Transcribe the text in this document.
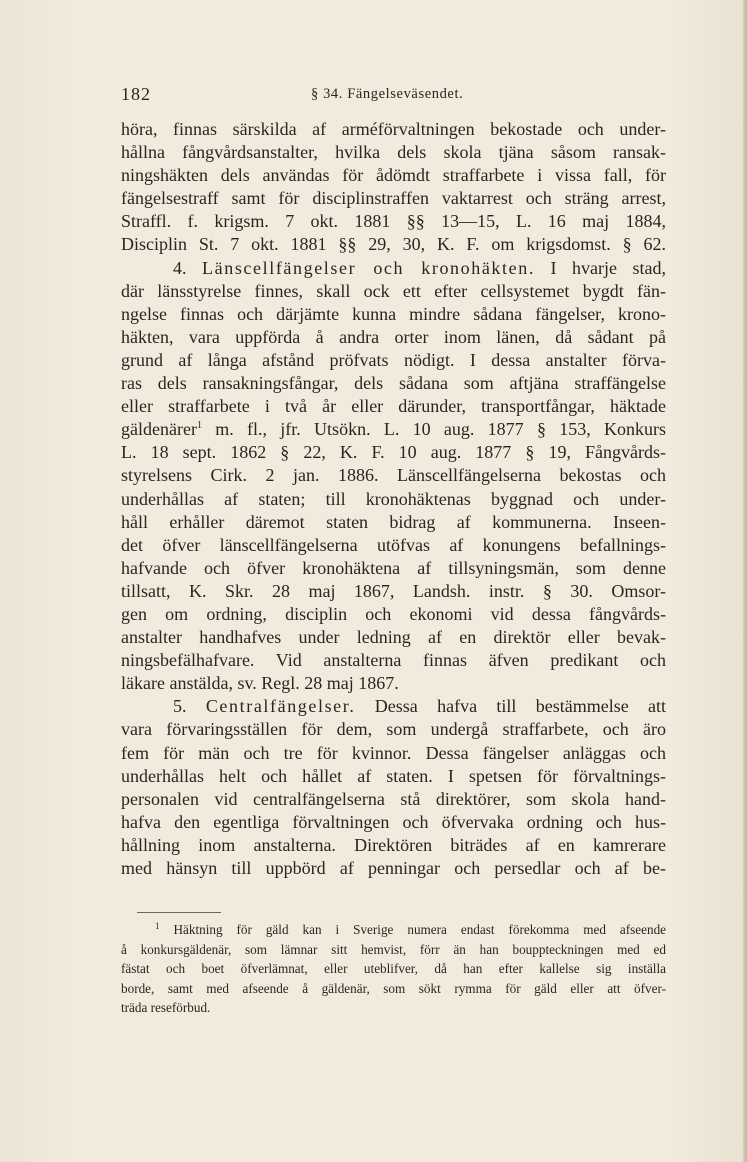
182	§ 34. Fängelseväsendet.
höra, finnas särskilda af arméförvaltningen bekostade och under-
hållna fångvårdsanstalter, hvilka dels skola tjäna såsom ransak-
ningshäkten dels användas för ådömdt straffarbete i vissa fall, för
fängelsestraff samt för disciplinstraffen vaktarrest och sträng arrest,
Straffl. f. krigsm. 7 okt. 1881 §§ 13—15, L. 16 maj 1884,
Disciplin St. 7 okt. 1881 §§ 29, 30, K. F. om krigsdomst. § 62.
4. Länscellfängelser och kronohäkten. I hvarje stad,
där länsstyrelse finnes, skall ock ett efter cellsystemet bygdt fän-
ngelse finnas och därjämte kunna mindre sådana fängelser, krono-
häkten, vara uppförda å andra orter inom länen, då sådant på
grund af långa afstånd pröfvats nödigt. I dessa anstalter förva-
ras dels ransakningsfångar, dels sådana som aftjäna straffängelse
eller straffarbete i två år eller därunder, transportfångar, häktade
gäldenärer$^1$ m. fl., jfr. Utsökn. L. 10 aug. 1877 § 153, Konkurs
L. 18 sept. 1862 § 22, K. F. 10 aug. 1877 § 19, Fångvårds-
styrelsens Cirk. 2 jan. 1886. Länscellfängelserna bekostas och
underhållas af staten; till kronohäktenas byggnad och under-
håll erhåller däremot staten bidrag af kommunerna. Inseen-
det öfver länscellfängelserna utöfvas af konungens befallnings-
hafvande och öfver kronohäktena af tillsyningsmän, som denne
tillsatt, K. Skr. 28 maj 1867, Landsh. instr. § 30. Omsor-
gen om ordning, disciplin och ekonomi vid dessa fångvårds-
anstalter handhafves under ledning af en direktör eller bevak-
ningsbefälhafvare. Vid anstalterna finnas äfven predikant och
läkare anstälda, sv. Regl. 28 maj 1867.
5. Centralfängelser. Dessa hafva till bestämmelse att
vara förvaringsställen för dem, som undergå straffarbete, och äro
fem för män och tre för kvinnor. Dessa fängelser anläggas och
underhållas helt och hållet af staten. I spetsen för förvaltnings-
personalen vid centralfängelserna stå direktörer, som skola hand-
hafva den egentliga förvaltningen och öfvervaka ordning och hus-
hållning inom anstalterna. Direktören biträdes af en kamrerare
med hänsyn till uppbörd af penningar och persedlar och af be-
$^1$ Häktning för gäld kan i Sverige numera endast förekomma med afseende
å konkursgäldenär, som lämnar sitt hemvist, förr än han bouppteckningen med ed
fästat och boet öfverlämnat, eller uteblifver, då han efter kallelse sig inställa
borde, samt med afseende å gäldenär, som sökt rymma för gäld eller att öfver-
träda reseförbud.
